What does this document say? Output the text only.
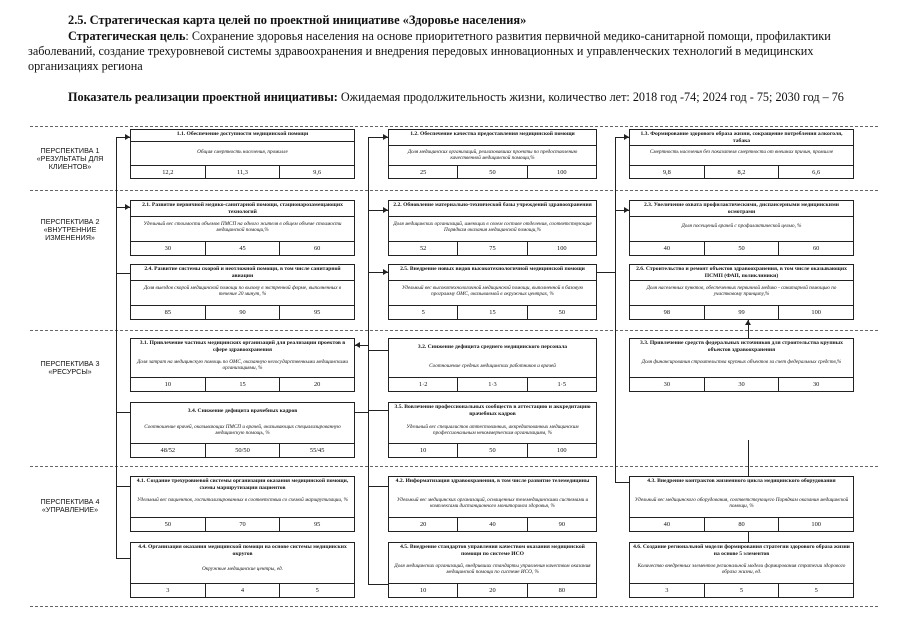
2.5. Стратегическая карта целей по проектной инициативе «Здоровье населения»
Стратегическая цель: Сохранение здоровья населения на основе приоритетного развития первичной медико-санитарной помощи, профилактики заболеваний, создание трехуровневой системы здравоохранения и внедрения передовых инновационных и управленческих технологий в медицинских организациях региона
Показатель реализации проектной инициативы: Ожидаемая продолжительность жизни, количество лет: 2018 год -74; 2024 год - 75; 2030 год – 76
ПЕРСПЕКТИВА 1 «РЕЗУЛЬТАТЫ ДЛЯ КЛИЕНТОВ»
ПЕРСПЕКТИВА 2 «ВНУТРЕННИЕ ИЗМЕНЕНИЯ»
ПЕРСПЕКТИВА 3 «РЕСУРСЫ»
ПЕРСПЕКТИВА 4 «УПРАВЛЕНИЕ»
1.1. Обеспечение доступности медицинской помощи
Общая смертность населения, промилле
12,2	11,3	9,6
1.2. Обеспечение качества предоставления медицинской помощи
Доля медицинских организаций, реализовавших проекты по предоставлению качественной медицинской помощи,%
25	50	100
1.3. Формирование здорового образа жизни, сокращение потребления алкоголя, табака
Смертность населения без показателя смертности от внешних причин, промилле
9,8	8,2	6,6
2.1. Развитие первичной медико-санитарной помощи, стационарозамещающих технологий
Удельный вес стоимости объемов ПМСП на одного жителя в общем объеме стоимости медицинской помощи,%
30	45	60
2.2. Обновление материально-технической базы учреждений здравоохранения
Доля медицинских организаций, имеющих в своем составе отделения, соответствующие Порядкам оказания медицинской помощи,%
52	75	100
2.3. Увеличение охвата профилактическими, диспансерными медицинскими осмотрами
Доля посещений врачей с профилактической целью, %
40	50	60
2.4. Развитие системы скорой и неотложной помощи, в том числе санитарной авиации
Доля выездов скорой медицинской помощи по вызову в экстренной форме, выполненных в течение 20 минут, %
85	90	95
2.5. Внедрение новых видов высокотехнологичной медицинской помощи
Удельный вес высокотехнологичной медицинской помощи, выполненной в базовую программу ОМС, оказываемой в окружных центрах, %
5	15	50
2.6. Строительство и ремонт объектов здравоохранения, в том числе оказывающих ПСМП (ФАП, поликлиники)
Доля населенных пунктов, обеспеченных первичной медико - санитарной помощью по участковому принципу,%
98	99	100
3.1. Привлечение частных медицинских организаций для реализации проектов в сфере здравоохранения
Доля затрат на медицинскую помощь по ОМС, оказанную негосударственными медицинскими организациями, %
10	15	20
3.2. Снижение дефицита среднего медицинского персонала
Соотношение средних медицинских работников и врачей
1·2	1·3	1·5
3.3. Привлечение средств федеральных источников для строительства крупных объектов здравоохранения
Доля финансирования строительства крупных объектов за счет федеральных средств,%
30	30	30
3.4. Снижение дефицита врачебных кадров
Соотношение врачей, оказывающих ПМСП и врачей, оказывающих специализированную медицинскую помощь, %
48/52	50/50	55/45
3.5. Вовлечение профессиональных сообществ в аттестацию и аккредитацию врачебных кадров
Удельный вес специалистов аттестованных, аккредитованных медицинским профессиональным некоммерческим организациям, %
10	50	100
4.1. Создание трехуровневой системы организации оказания медицинской помощи, схемы маршрутизации пациентов
Удельный вес пациентов, госпитализированных в соответствии со схемой маршрутизации, %
50	70	95
4.2. Информатизация здравоохранения, в том числе развитие телемедицины
Удельный вес медицинских организаций, оснащенных телемедицинскими системами и комплексами дистанционного мониторинга здоровья, %
20	40	90
4.3. Внедрение контрактов жизненного цикла медицинского оборудования
Удельный вес медицинского оборудования, соответствующего Порядкам оказания медицинской помощи, %
40	80	100
4.4. Организация оказания медицинской помощи на основе системы медицинских округов
Окружные медицинские центры, ед.
3	4	5
4.5. Внедрение стандартов управления качеством оказания медицинской помощи по системе ИСО
Доля медицинских организаций, внедривших стандарты управления качеством оказания медицинской помощи по системе ИСО, %
10	20	80
4.6. Создание региональной модели формирования стратегии здорового образа жизни на основе 5 элементов
Количество внедренных элементов региональной модели формирования стратегии здорового образа жизни, ед.
3	5	5
